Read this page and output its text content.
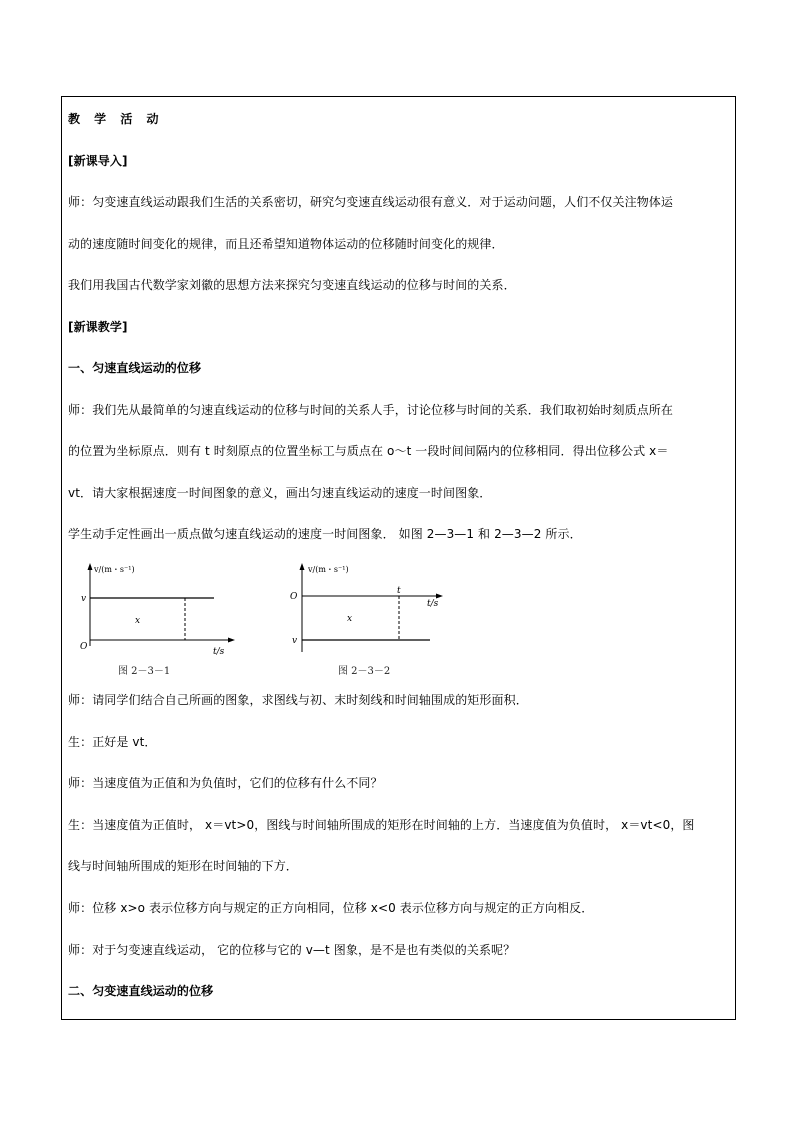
教 学 活 动
[新课导入]
师：匀变速直线运动跟我们生活的关系密切，研究匀变速直线运动很有意义．对于运动问题，人们不仅关注物体运
动的速度随时间变化的规律，而且还希望知道物体运动的位移随时间变化的规律．
我们用我国古代数学家刘徽的思想方法来探究匀变速直线运动的位移与时间的关系．
[新课教学]
一、匀速直线运动的位移
师：我们先从最简单的匀速直线运动的位移与时间的关系人手，讨论位移与时间的关系．我们取初始时刻质点所在
的位置为坐标原点．则有 t 时刻原点的位置坐标工与质点在 o～t 一段时间间隔内的位移相同．得出位移公式 x＝
vt．请大家根据速度一时间图象的意义，画出匀速直线运动的速度一时间图象．
学生动手定性画出一质点做匀速直线运动的速度一时间图象． 如图 2—3—1 和 2—3—2 所示．
v/(m・s⁻¹)
v
x
O	t/s
图 2－3－1
v/(m・s⁻¹)
O
t
t/s
x
v
图 2－3－2
师：请同学们结合自己所画的图象，求图线与初、末时刻线和时间轴围成的矩形面积．
生：正好是 vt．
师：当速度值为正值和为负值时，它们的位移有什么不同？
生：当速度值为正值时， x＝vt>0，图线与时间轴所围成的矩形在时间轴的上方．当速度值为负值时， x＝vt<0，图
线与时间轴所围成的矩形在时间轴的下方．
师：位移 x>o 表示位移方向与规定的正方向相同，位移 x<0 表示位移方向与规定的正方向相反．
师：对于匀变速直线运动， 它的位移与它的 v—t 图象，是不是也有类似的关系呢？
二、匀变速直线运动的位移
